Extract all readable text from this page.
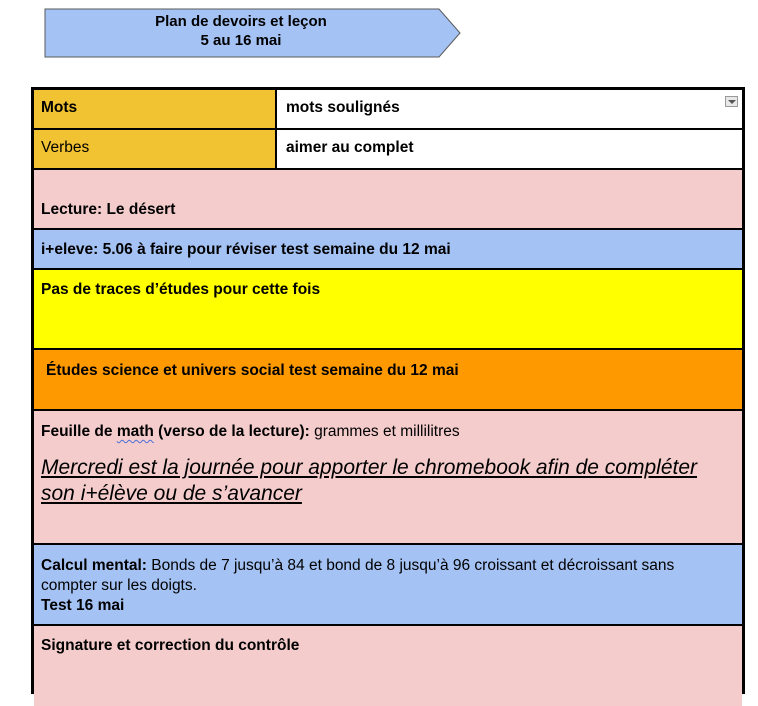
Plan de devoirs et leçon
5 au 16 mai
Mots	mots soulignés
Verbes	aimer au complet
Lecture: Le désert
i+eleve: 5.06 à faire pour réviser test semaine du 12 mai
Pas de traces d’études pour cette fois
Études science et univers social test semaine du 12 mai
Feuille de math (verso de la lecture): grammes et millilitres
Mercredi est la journée pour apporter le chromebook afin de compléter son i+élève ou de s’avancer
Calcul mental: Bonds de 7 jusqu’à 84 et bond de 8 jusqu’à 96 croissant et décroissant sans compter sur les doigts.
Test 16 mai
Signature et correction du contrôle
